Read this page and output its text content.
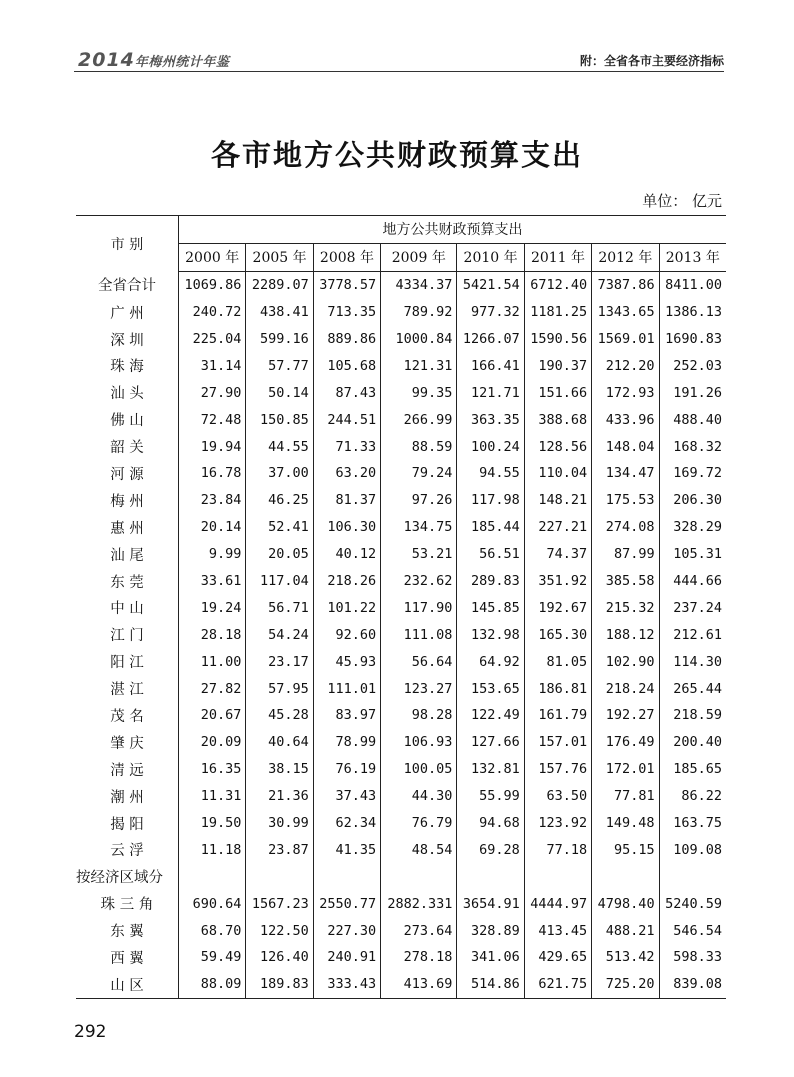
2014年梅州统计年鉴	附：全省各市主要经济指标
各市地方公共财政预算支出
单位： 亿元
市 别	地方公共财政预算支出							
	2000 年	2005 年	2008 年	2009 年	2010 年	2011 年	2012 年	2013 年
全省合计	1069.86	2289.07	3778.57	4334.37	5421.54	6712.40	7387.86	8411.00
广 州	240.72	438.41	713.35	789.92	977.32	1181.25	1343.65	1386.13
深 圳	225.04	599.16	889.86	1000.84	1266.07	1590.56	1569.01	1690.83
珠 海	31.14	57.77	105.68	121.31	166.41	190.37	212.20	252.03
汕 头	27.90	50.14	87.43	99.35	121.71	151.66	172.93	191.26
佛 山	72.48	150.85	244.51	266.99	363.35	388.68	433.96	488.40
韶 关	19.94	44.55	71.33	88.59	100.24	128.56	148.04	168.32
河 源	16.78	37.00	63.20	79.24	94.55	110.04	134.47	169.72
梅 州	23.84	46.25	81.37	97.26	117.98	148.21	175.53	206.30
惠 州	20.14	52.41	106.30	134.75	185.44	227.21	274.08	328.29
汕 尾	9.99	20.05	40.12	53.21	56.51	74.37	87.99	105.31
东 莞	33.61	117.04	218.26	232.62	289.83	351.92	385.58	444.66
中 山	19.24	56.71	101.22	117.90	145.85	192.67	215.32	237.24
江 门	28.18	54.24	92.60	111.08	132.98	165.30	188.12	212.61
阳 江	11.00	23.17	45.93	56.64	64.92	81.05	102.90	114.30
湛 江	27.82	57.95	111.01	123.27	153.65	186.81	218.24	265.44
茂 名	20.67	45.28	83.97	98.28	122.49	161.79	192.27	218.59
肇 庆	20.09	40.64	78.99	106.93	127.66	157.01	176.49	200.40
清 远	16.35	38.15	76.19	100.05	132.81	157.76	172.01	185.65
潮 州	11.31	21.36	37.43	44.30	55.99	63.50	77.81	86.22
揭 阳	19.50	30.99	62.34	76.79	94.68	123.92	149.48	163.75
云 浮	11.18	23.87	41.35	48.54	69.28	77.18	95.15	109.08
按经济区域分								
珠 三 角	690.64	1567.23	2550.77	2882.331	3654.91	4444.97	4798.40	5240.59
东 翼	68.70	122.50	227.30	273.64	328.89	413.45	488.21	546.54
西 翼	59.49	126.40	240.91	278.18	341.06	429.65	513.42	598.33
山 区	88.09	189.83	333.43	413.69	514.86	621.75	725.20	839.08
292
